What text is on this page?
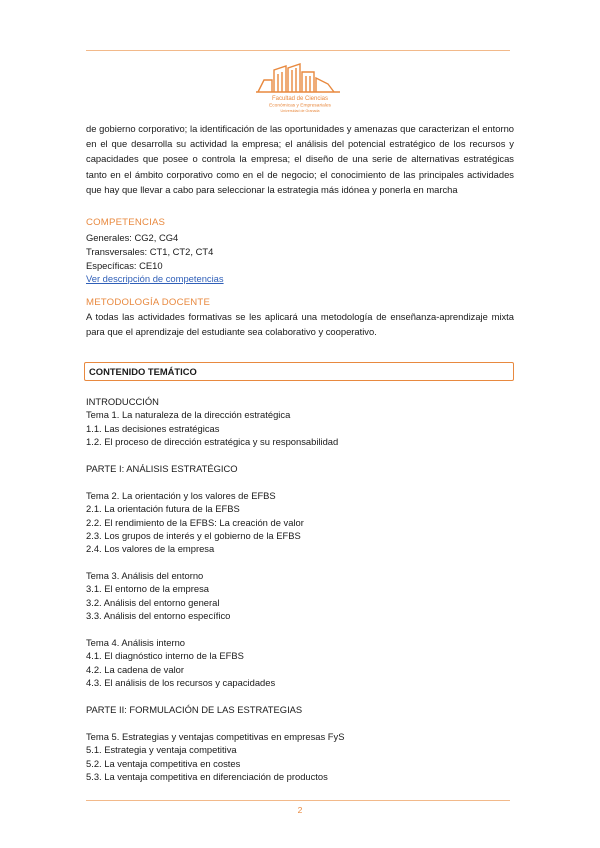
Facultad de Ciencias
Económicas y Empresariales
Universidad de Granada
de gobierno corporativo; la identificación de las oportunidades y amenazas que caracterizan el entorno en el que desarrolla su actividad la empresa; el análisis del potencial estratégico de los recursos y capacidades que posee o controla la empresa; el diseño de una serie de alternativas estratégicas tanto en el ámbito corporativo como en el de negocio; el conocimiento de las principales actividades que hay que llevar a cabo para seleccionar la estrategia más idónea y ponerla en marcha
COMPETENCIAS
Generales: CG2, CG4
Transversales: CT1, CT2, CT4
Específicas: CE10
Ver descripción de competencias
METODOLOGÍA DOCENTE
A todas las actividades formativas se les aplicará una metodología de enseñanza-aprendizaje mixta para que el aprendizaje del estudiante sea colaborativo y cooperativo.
CONTENIDO TEMÁTICO
INTRODUCCIÓN
Tema 1. La naturaleza de la dirección estratégica
1.1. Las decisiones estratégicas
1.2. El proceso de dirección estratégica y su responsabilidad
PARTE I: ANÁLISIS ESTRATÉGICO
Tema 2. La orientación y los valores de EFBS
2.1. La orientación futura de la EFBS
2.2. El rendimiento de la EFBS: La creación de valor
2.3. Los grupos de interés y el gobierno de la EFBS
2.4. Los valores de la empresa
Tema 3. Análisis del entorno
3.1. El entorno de la empresa
3.2. Análisis del entorno general
3.3. Análisis del entorno específico
Tema 4. Análisis interno
4.1. El diagnóstico interno de la EFBS
4.2. La cadena de valor
4.3. El análisis de los recursos y capacidades
PARTE II: FORMULACIÓN DE LAS ESTRATEGIAS
Tema 5. Estrategias y ventajas competitivas en empresas FyS
5.1. Estrategia y ventaja competitiva
5.2. La ventaja competitiva en costes
5.3. La ventaja competitiva en diferenciación de productos
2
